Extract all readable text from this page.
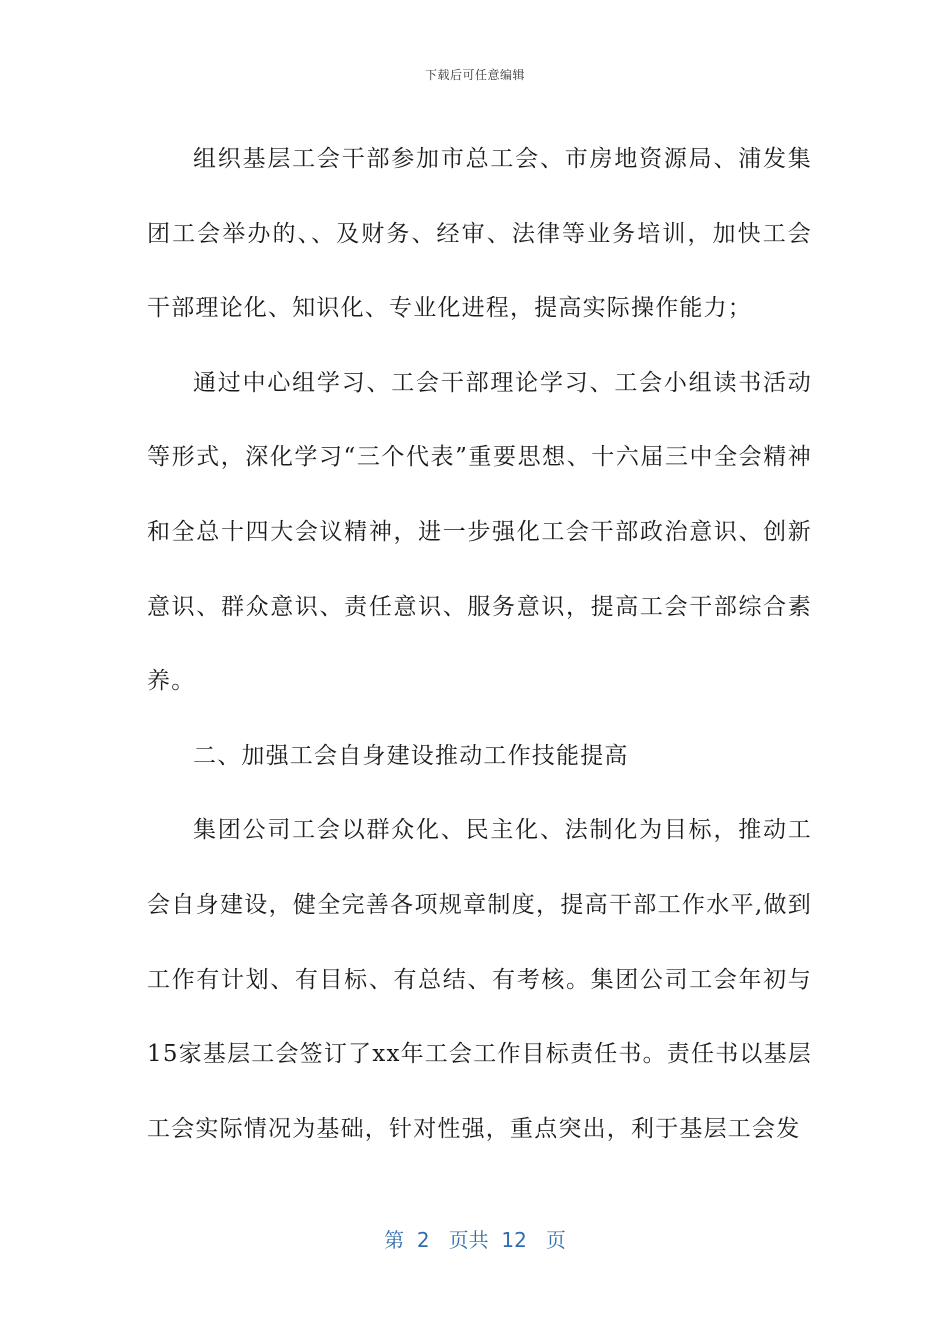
下载后可任意编辑

组织基层工会干部参加市总工会、市房地资源局、浦发集团工会举办的、、及财务、经审、法律等业务培训，加快工会干部理论化、知识化、专业化进程，提高实际操作能力；

通过中心组学习、工会干部理论学习、工会小组读书活动等形式，深化学习“三个代表”重要思想、十六届三中全会精神和全总十四大会议精神，进一步强化工会干部政治意识、创新意识、群众意识、责任意识、服务意识，提高工会干部综合素养。

二、加强工会自身建设推动工作技能提高

集团公司工会以群众化、民主化、法制化为目标，推动工会自身建设，健全完善各项规章制度，提高干部工作水平,做到工作有计划、有目标、有总结、有考核。集团公司工会年初与15家基层工会签订了xx年工会工作目标责任书。责任书以基层工会实际情况为基础，针对性强，重点突出，利于基层工会发

第 2 页共 12 页
